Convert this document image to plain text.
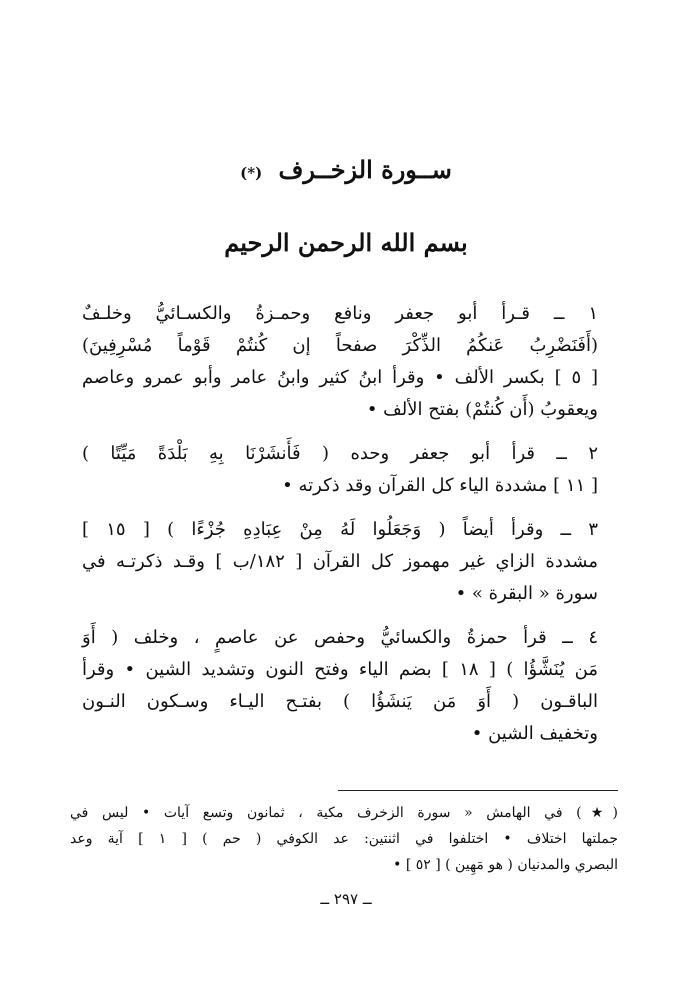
ســورة الزخــرف (*)
بسم الله الرحمن الرحيم

١ ــ قـرأ أبو جعفر ونافع وحمـزةُ والكسـائيُّ وخلـفٌ
(أَفَنَضْرِبُ عَنكُمُ الذِّكْرَ صفحاً إن كُنتُمْ قَوْماً مُسْرِفِينَ)
[ ٥ ] بكسر الألف • وقرأ ابنُ كثير وابنُ عامر وأبو عمرو وعاصم
ويعقوبُ (أَن كُنتُمْ) بفتح الألف •

٢ ــ قرأ أبو جعفر وحده ( فَأَنشَرْنَا بِهِ بَلْدَةً مَيِّتًا )
[ ١١ ] مشددة الياء كل القرآن وقد ذكرته •

٣ ــ وقرأ أيضاً ( وَجَعَلُوا لَهُ مِنْ عِبَادِهِ جُزْءًا ) [ ١٥ ]
مشددة الزاي غير مهموز كل القرآن [ ١٨٢/ب ] وقـد ذكرتـه في
سورة « البقرة » •

٤ ــ قرأ حمزةُ والكسائيُّ وحفص عن عاصمٍ ، وخلف ( أَوَ
مَن يُنَشَّؤُا ) [ ١٨ ] بضم الياء وفتح النون وتشديد الشين • وقرأ
الباقـون ( أَوَ مَن يَنشَؤُا ) بفتـح اليـاء وسـكون النـون
وتخفيف الشين •

(★) في الهامش « سورة الزخرف مكية ، ثمانون وتسع آيات • ليس في
جملتها اختلاف • اختلفوا في اثنتين: عد الكوفي ( حم ) [ ١ ] آية وعد
البصري والمدنيان ( هو مَهِين ) [ ٥٢ ] •
ــ ٢٩٧ ــ
